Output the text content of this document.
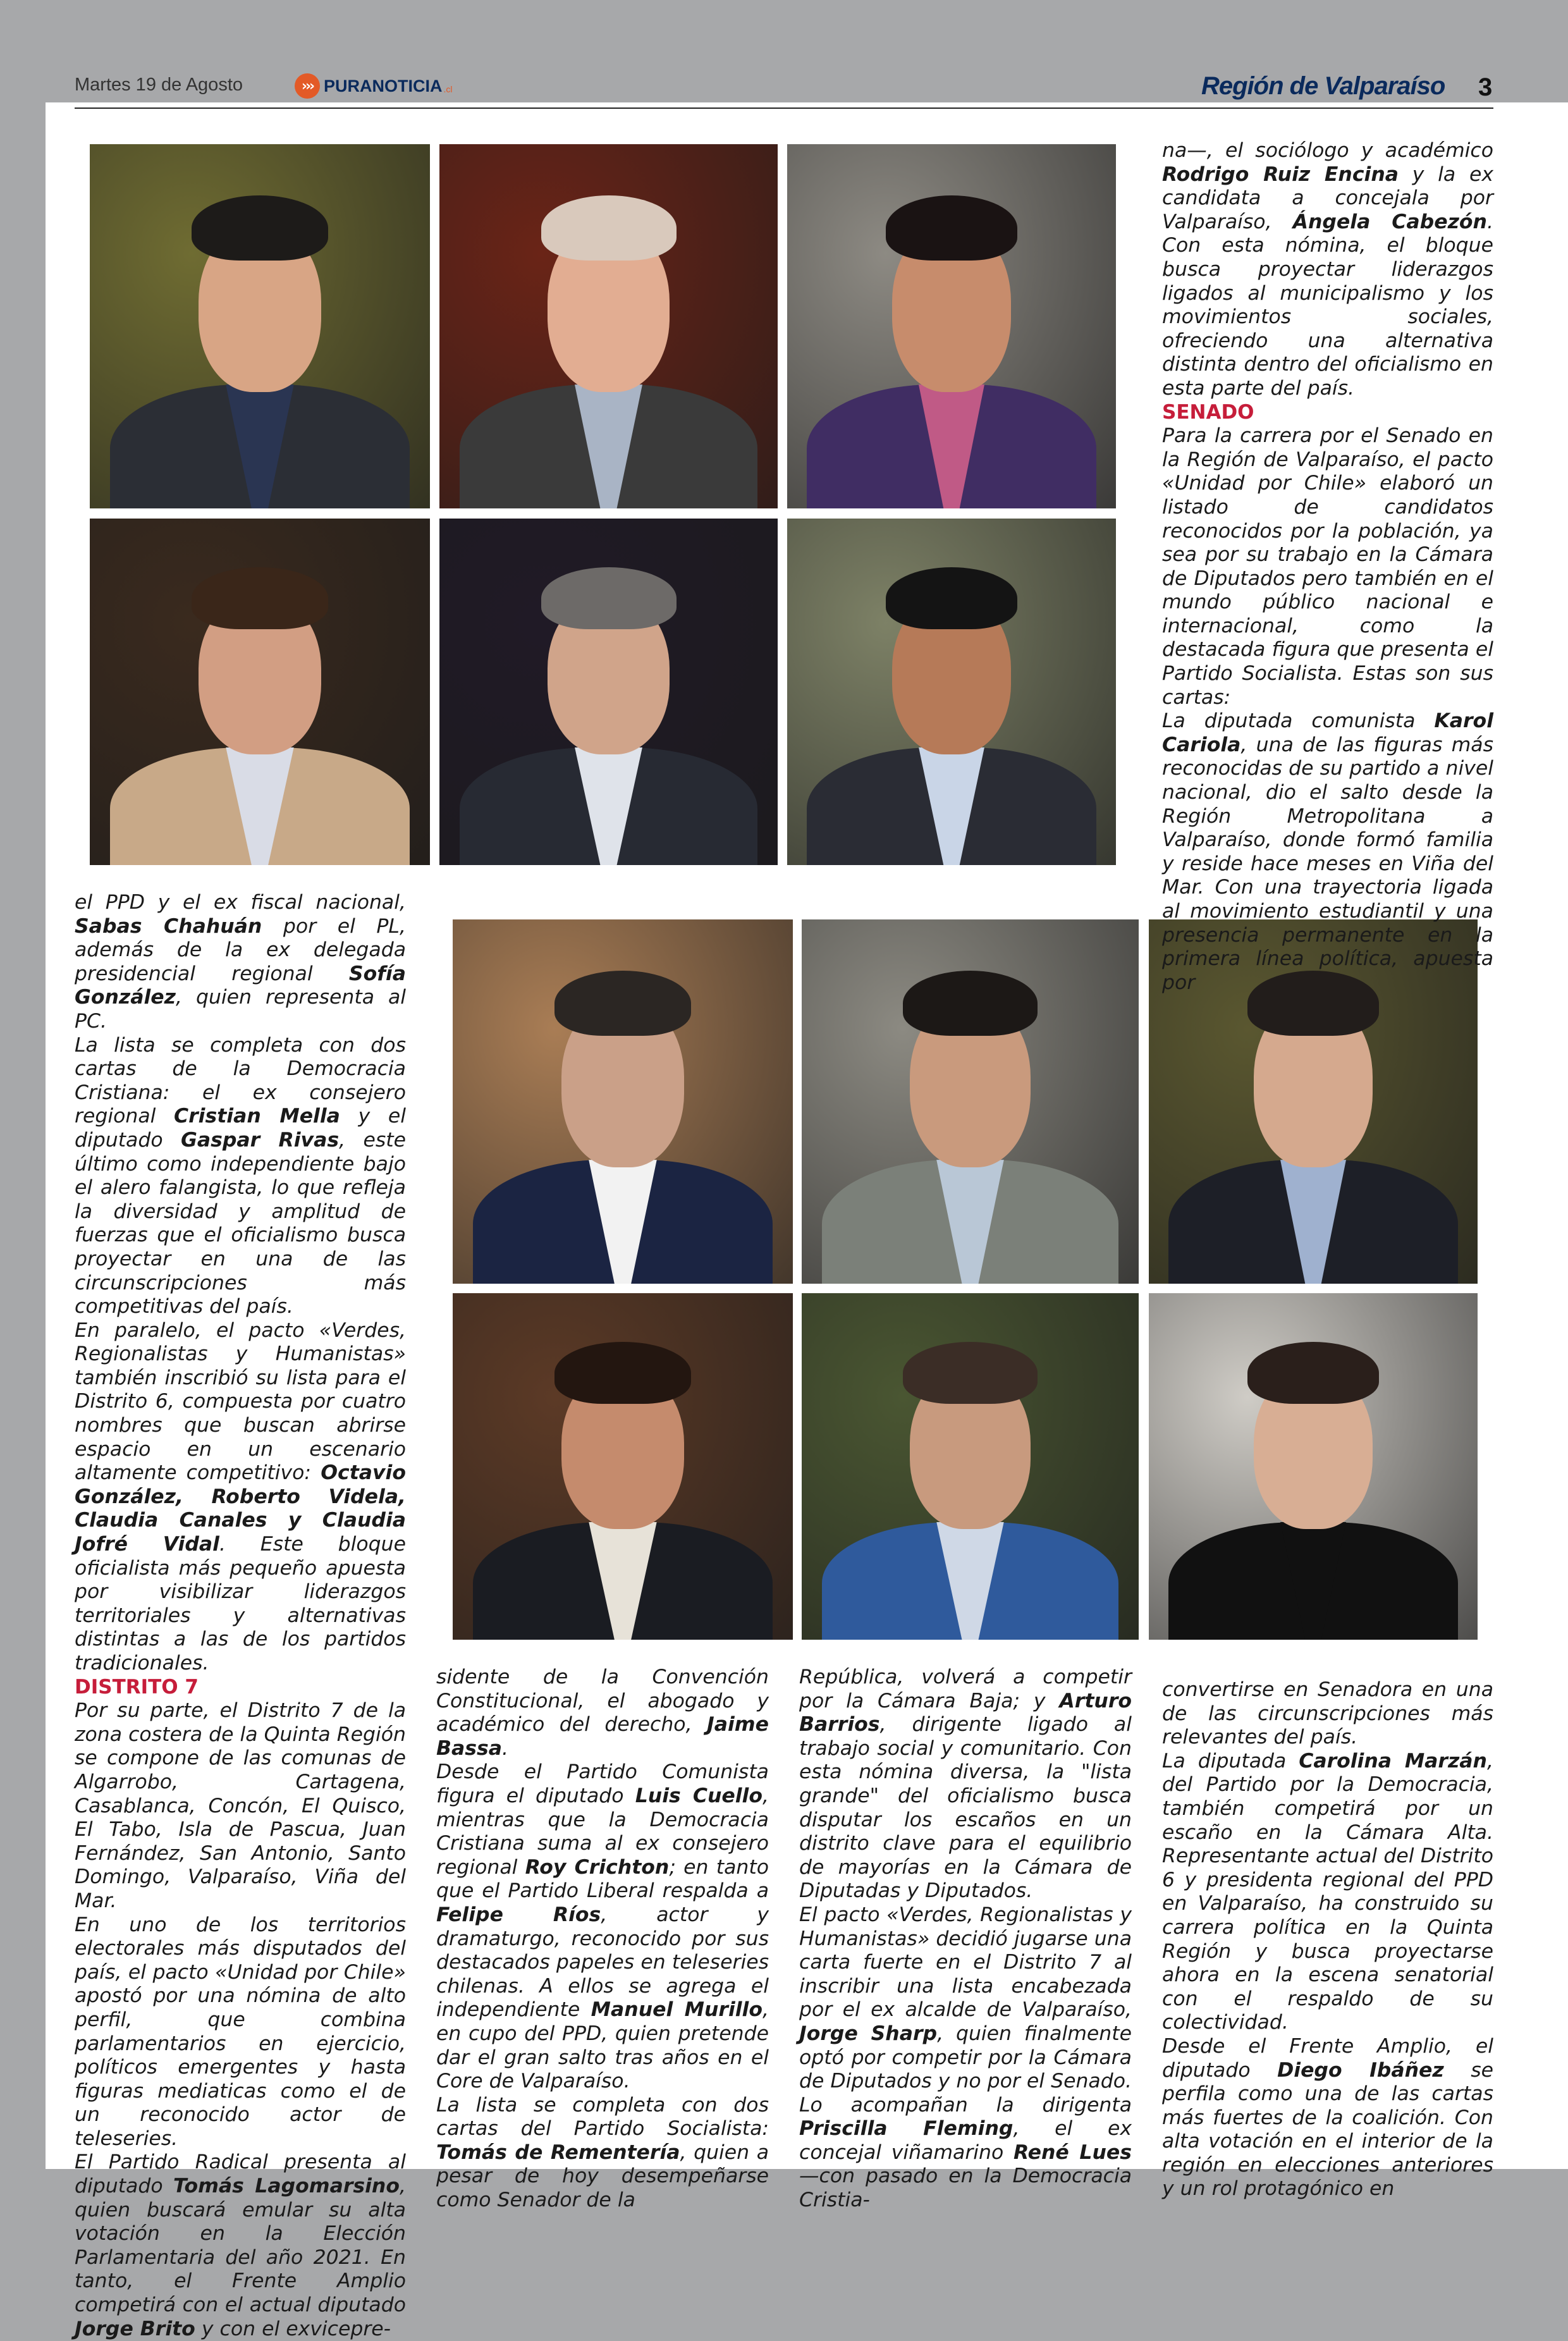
Martes 19 de Agosto	››› PURANOTICIA .cl	Región de Valparaíso 3

na—, el sociólogo y académico Rodrigo Ruiz Encina y la ex candidata a concejala por Valparaíso, Ángela Cabezón. Con esta nómina, el bloque busca proyectar liderazgos ligados al municipalismo y los movimientos sociales, ofreciendo una alternativa distinta dentro del oficialismo en esta parte del país.

SENADO

Para la carrera por el Senado en la Región de Valparaíso, el pacto «Unidad por Chile» elaboró un listado de candidatos reconocidos por la población, ya sea por su trabajo en la Cámara de Diputados pero también en el mundo público nacional e internacional, como la destacada figura que presenta el Partido Socialista. Estas son sus cartas:

La diputada comunista Karol Cariola, una de las figuras más reconocidas de su partido a nivel nacional, dio el salto desde la Región Metropolitana a Valparaíso, donde formó familia y reside hace meses en Viña del Mar. Con una trayectoria ligada al movimiento estudiantil y una presencia permanente en la primera línea política, apuesta por

el PPD y el ex fiscal nacional, Sabas Chahuán por el PL, además de la ex delegada presidencial regional Sofía González, quien representa al PC.

La lista se completa con dos cartas de la Democracia Cristiana: el ex consejero regional Cristian Mella y el diputado Gaspar Rivas, este último como independiente bajo el alero falangista, lo que refleja la diversidad y amplitud de fuerzas que el oficialismo busca proyectar en una de las circunscripciones más competitivas del país.

En paralelo, el pacto «Verdes, Regionalistas y Humanistas» también inscribió su lista para el Distrito 6, compuesta por cuatro nombres que buscan abrirse espacio en un escenario altamente competitivo: Octavio González, Roberto Videla, Claudia Canales y Claudia Jofré Vidal. Este bloque oficialista más pequeño apuesta por visibilizar liderazgos territoriales y alternativas distintas a las de los partidos tradicionales.

DISTRITO 7

Por su parte, el Distrito 7 de la zona costera de la Quinta Región se compone de las comunas de Algarrobo, Cartagena, Casablanca, Concón, El Quisco, El Tabo, Isla de Pascua, Juan Fernández, San Antonio, Santo Domingo, Valparaíso, Viña del Mar.

En uno de los territorios electorales más disputados del país, el pacto «Unidad por Chile» apostó por una nómina de alto perfil, que combina parlamentarios en ejercicio, políticos emergentes y hasta figuras mediaticas como el de un reconocido actor de teleseries.

El Partido Radical presenta al diputado Tomás Lagomarsino, quien buscará emular su alta votación en la Elección Parlamentaria del año 2021. En tanto, el Frente Amplio competirá con el actual diputado Jorge Brito y con el exvicepre-

sidente de la Convención Constitucional, el abogado y académico del derecho, Jaime Bassa.

Desde el Partido Comunista figura el diputado Luis Cuello, mientras que la Democracia Cristiana suma al ex consejero regional Roy Crichton; en tanto que el Partido Liberal respalda a Felipe Ríos, actor y dramaturgo, reconocido por sus destacados papeles en teleseries chilenas. A ellos se agrega el independiente Manuel Murillo, en cupo del PPD, quien pretende dar el gran salto tras años en el Core de Valparaíso.

La lista se completa con dos cartas del Partido Socialista: Tomás de Rementería, quien a pesar de hoy desempeñarse como Senador de la

República, volverá a competir por la Cámara Baja; y Arturo Barrios, dirigente ligado al trabajo social y comunitario. Con esta nómina diversa, la "lista grande" del oficialismo busca disputar los escaños en un distrito clave para el equilibrio de mayorías en la Cámara de Diputadas y Diputados.

El pacto «Verdes, Regionalistas y Humanistas» decidió jugarse una carta fuerte en el Distrito 7 al inscribir una lista encabezada por el ex alcalde de Valparaíso, Jorge Sharp, quien finalmente optó por competir por la Cámara de Diputados y no por el Senado. Lo acompañan la dirigenta Priscilla Fleming, el ex concejal viñamarino René Lues —con pasado en la Democracia Cristia-

convertirse en Senadora en una de las circunscripciones más relevantes del país.

La diputada Carolina Marzán, del Partido por la Democracia, también competirá por un escaño en la Cámara Alta. Representante actual del Distrito 6 y presidenta regional del PPD en Valparaíso, ha construido su carrera política en la Quinta Región y busca proyectarse ahora en la escena senatorial con el respaldo de su colectividad.

Desde el Frente Amplio, el diputado Diego Ibáñez se perfila como una de las cartas más fuertes de la coalición. Con alta votación en el interior de la región en elecciones anteriores y un rol protagónico en
